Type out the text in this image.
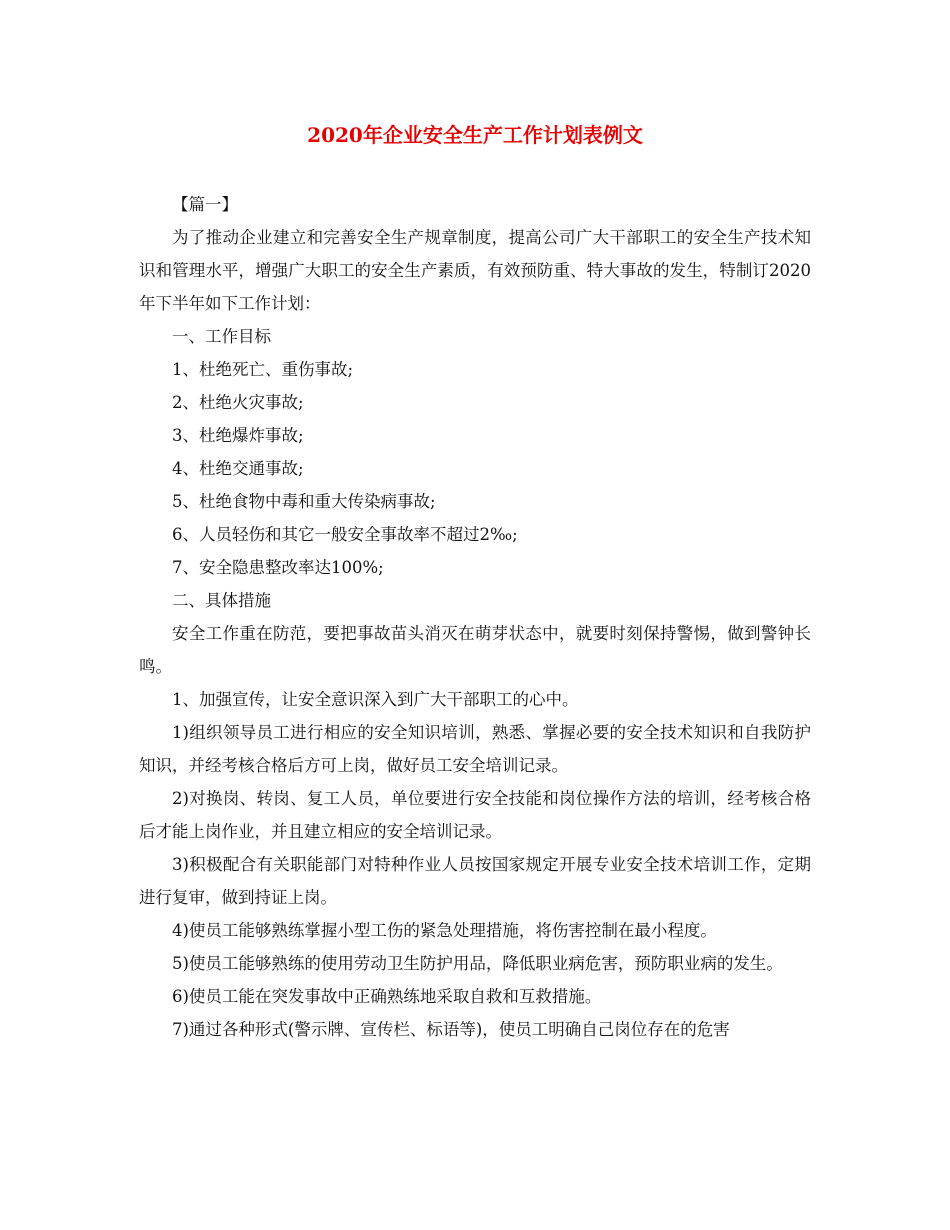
2020年企业安全生产工作计划表例文

【篇一】

为了推动企业建立和完善安全生产规章制度，提高公司广大干部职工的安全生产技术知识和管理水平，增强广大职工的安全生产素质，有效预防重、特大事故的发生，特制订2020年下半年如下工作计划：

一、工作目标

1、杜绝死亡、重伤事故;

2、杜绝火灾事故;

3、杜绝爆炸事故;

4、杜绝交通事故;

5、杜绝食物中毒和重大传染病事故;

6、人员轻伤和其它一般安全事故率不超过2‰;

7、安全隐患整改率达100%;

二、具体措施

安全工作重在防范，要把事故苗头消灭在萌芽状态中，就要时刻保持警惕，做到警钟长鸣。

1、加强宣传，让安全意识深入到广大干部职工的心中。

1)组织领导员工进行相应的安全知识培训，熟悉、掌握必要的安全技术知识和自我防护知识，并经考核合格后方可上岗，做好员工安全培训记录。

2)对换岗、转岗、复工人员，单位要进行安全技能和岗位操作方法的培训，经考核合格后才能上岗作业，并且建立相应的安全培训记录。

3)积极配合有关职能部门对特种作业人员按国家规定开展专业安全技术培训工作，定期进行复审，做到持证上岗。

4)使员工能够熟练掌握小型工伤的紧急处理措施，将伤害控制在最小程度。

5)使员工能够熟练的使用劳动卫生防护用品，降低职业病危害，预防职业病的发生。

6)使员工能在突发事故中正确熟练地采取自救和互救措施。

7)通过各种形式(警示牌、宣传栏、标语等)，使员工明确自己岗位存在的危害
